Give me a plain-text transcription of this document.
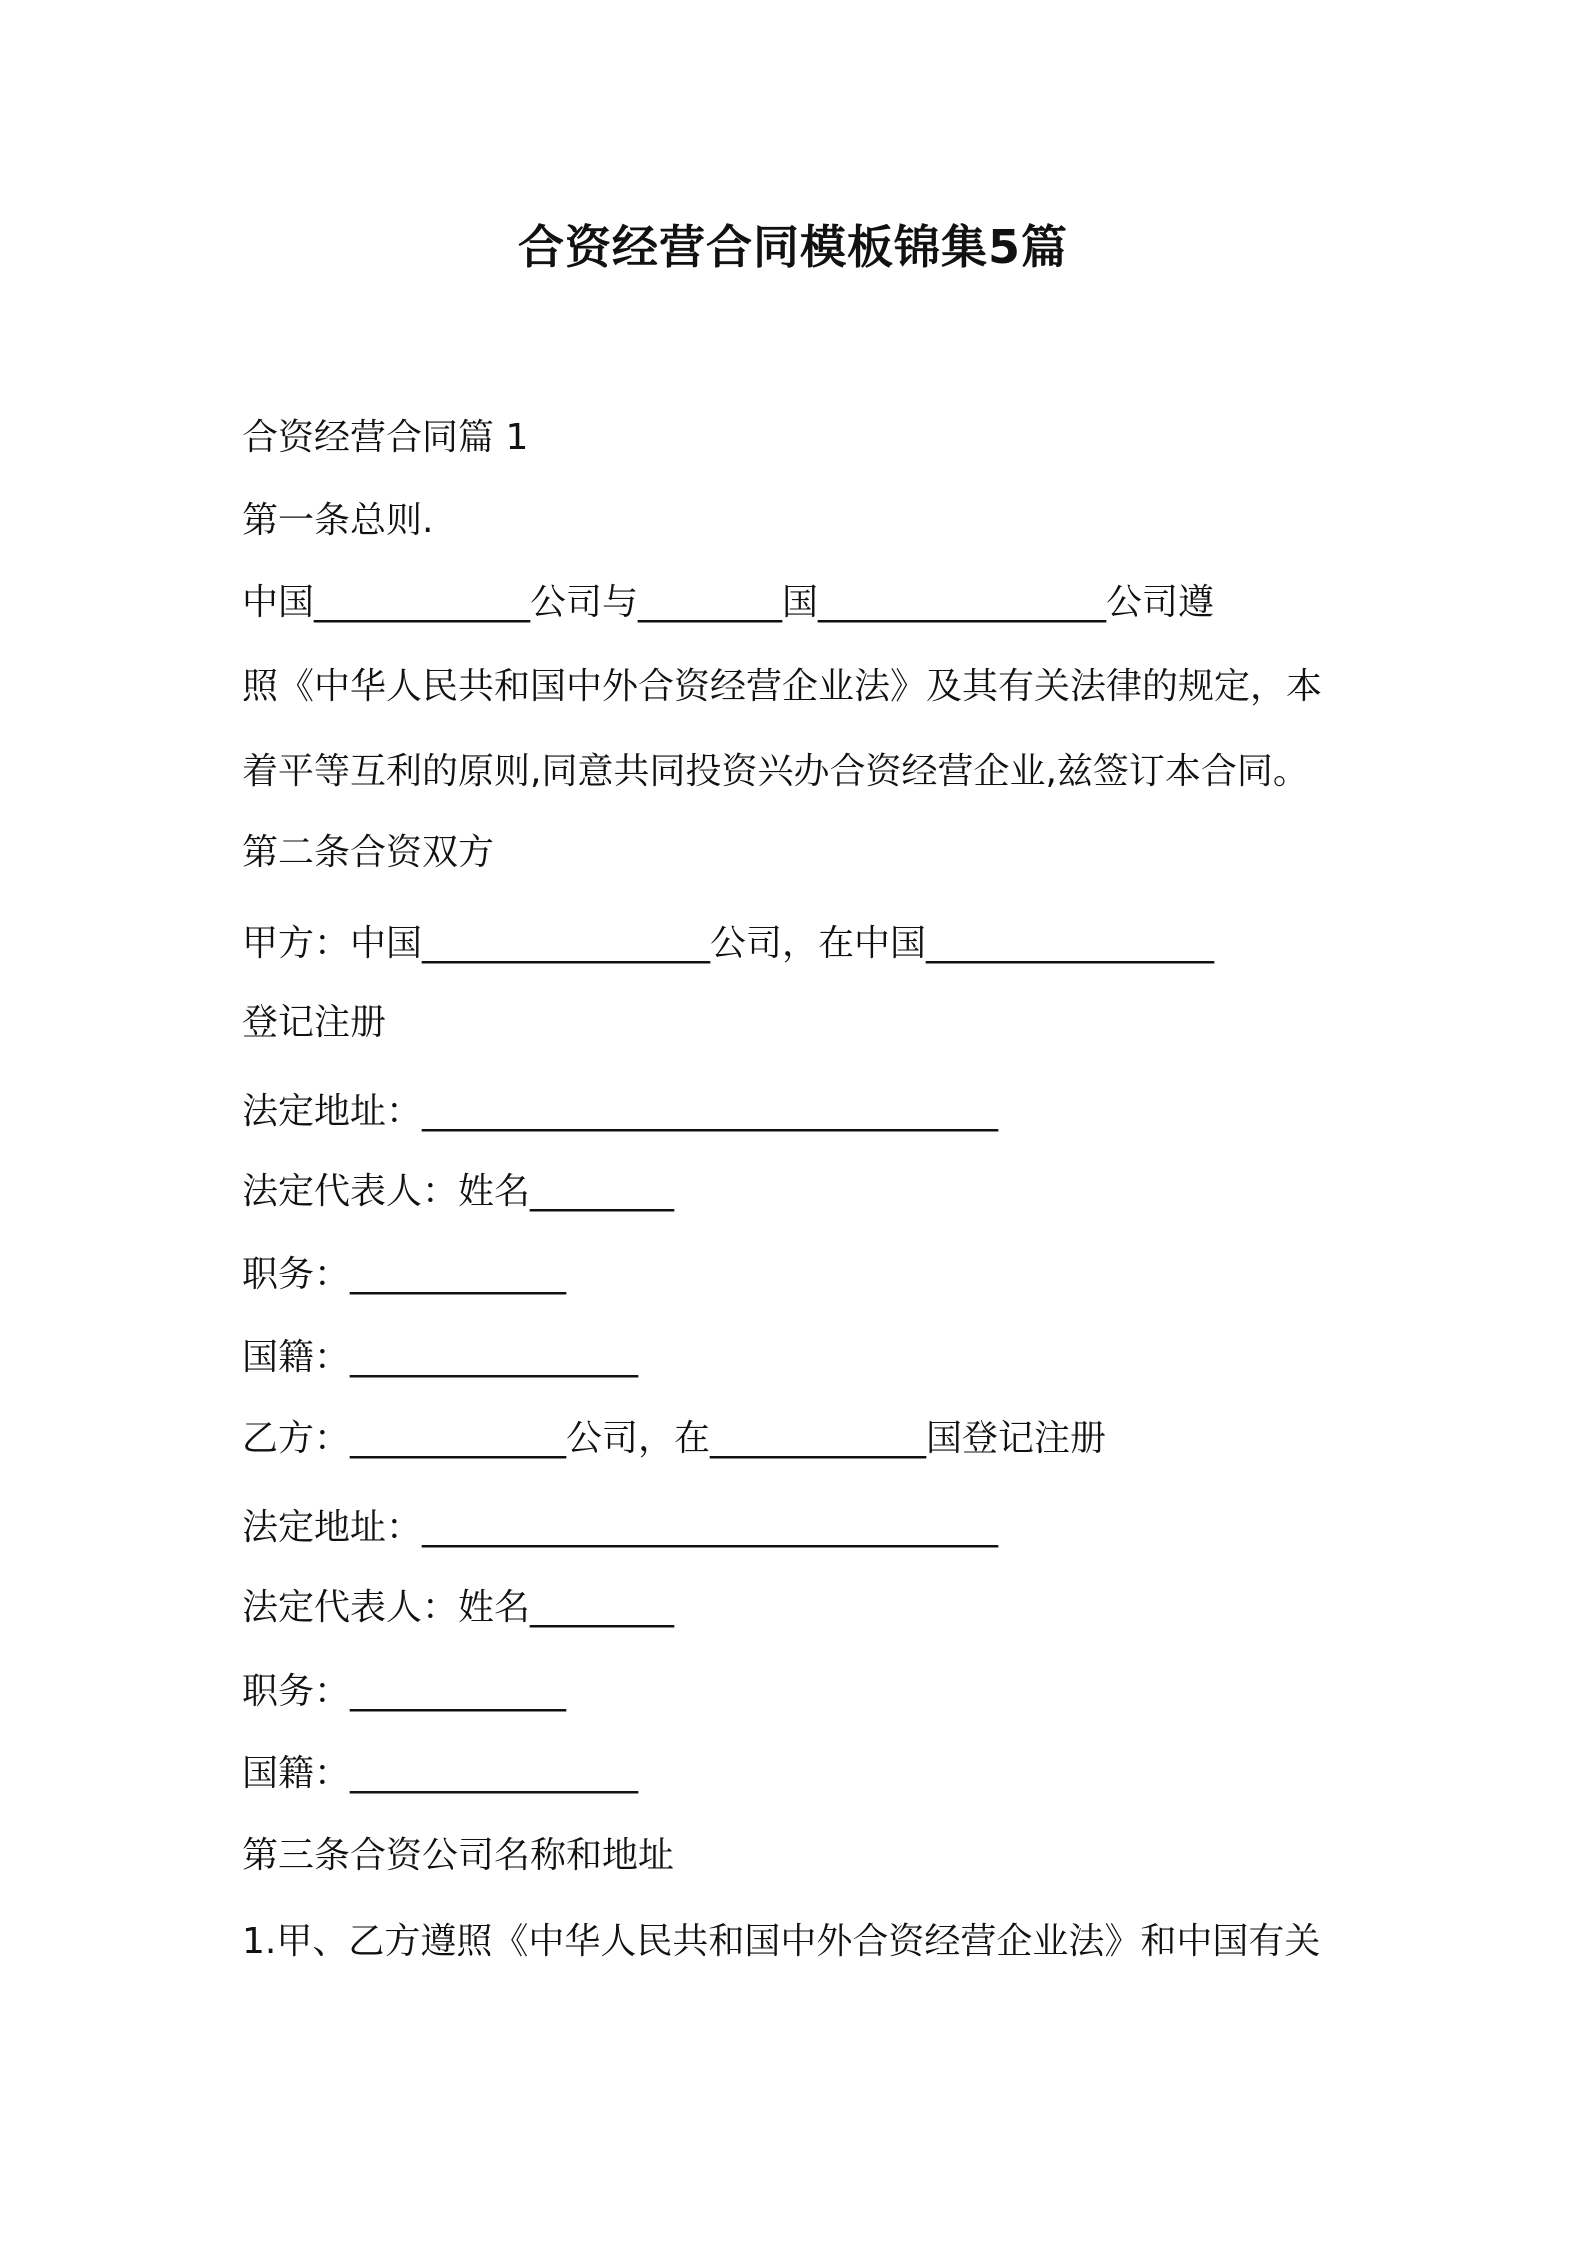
合资经营合同模板锦集5篇
合资经营合同篇 1
第一条总则.
中国____________公司与________国________________公司遵
照《中华人民共和国中外合资经营企业法》及其有关法律的规定，本
着平等互利的原则,同意共同投资兴办合资经营企业,兹签订本合同。
第二条合资双方
甲方：中国________________公司，在中国________________
登记注册
法定地址：________________________________
法定代表人：姓名________
职务：____________
国籍：________________
乙方：____________公司，在____________国登记注册
法定地址：________________________________
法定代表人：姓名________
职务：____________
国籍：________________
第三条合资公司名称和地址
1.甲、乙方遵照《中华人民共和国中外合资经营企业法》和中国有关
